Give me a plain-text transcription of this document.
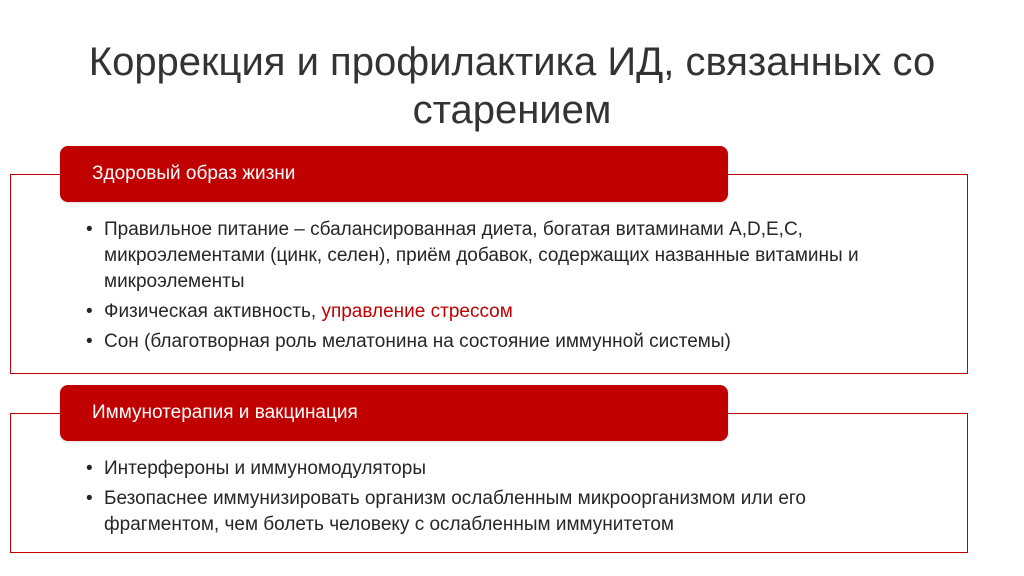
Коррекция и профилактика ИД, связанных со старением
Здоровый образ жизни
• Правильное питание – сбалансированная диета, богатая витаминами A,D,E,C, микроэлементами (цинк, селен), приём добавок, содержащих названные витамины и микроэлементы
• Физическая активность, управление стрессом
• Сон (благотворная роль мелатонина на состояние иммунной системы)
Иммунотерапия и вакцинация
• Интерфероны и иммуномодуляторы
• Безопаснее иммунизировать организм ослабленным микроорганизмом или его фрагментом, чем болеть человеку с ослабленным иммунитетом
